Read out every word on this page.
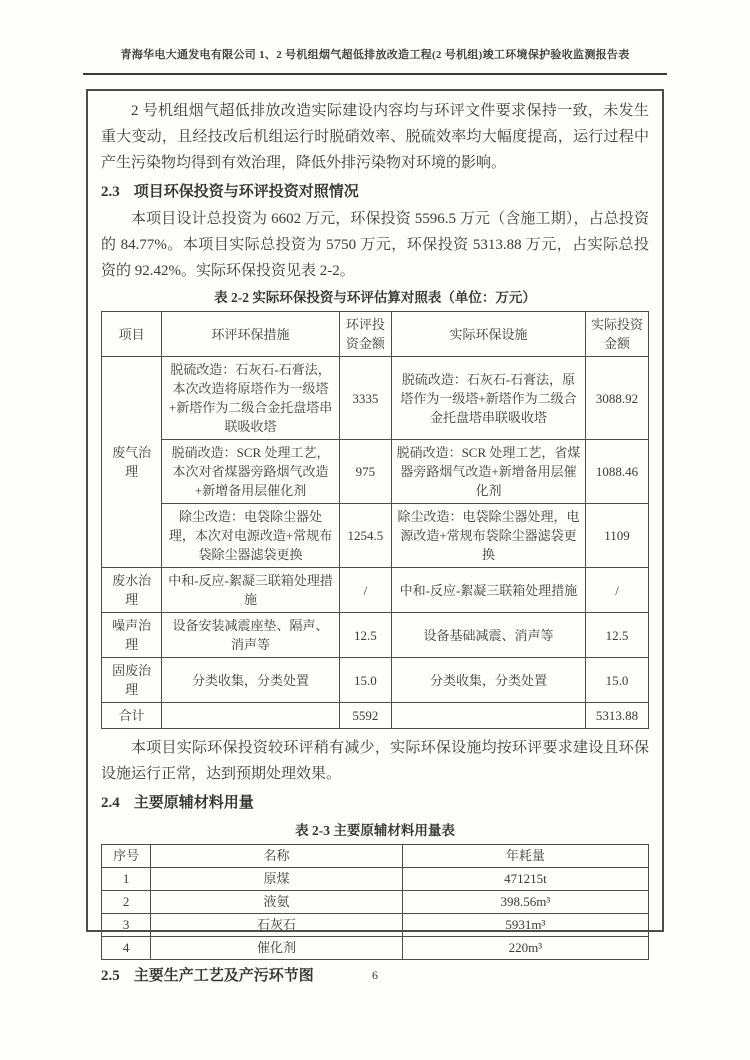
青海华电大通发电有限公司 1、2 号机组烟气超低排放改造工程(2 号机组)竣工环境保护验收监测报告表

2 号机组烟气超低排放改造实际建设内容均与环评文件要求保持一致，未发生重大变动，且经技改后机组运行时脱硝效率、脱硫效率均大幅度提高，运行过程中产生污染物均得到有效治理，降低外排污染物对环境的影响。

2.3 项目环保投资与环评投资对照情况

本项目设计总投资为 6602 万元，环保投资 5596.5 万元（含施工期），占总投资的 84.77%。本项目实际总投资为 5750 万元，环保投资 5313.88 万元，占实际总投资的 92.42%。实际环保投资见表 2-2。

表 2-2 实际环保投资与环评估算对照表（单位：万元）
项目	环评环保措施	环评投资金额	实际环保设施	实际投资金额
废气治理	脱硫改造：石灰石-石膏法，本次改造将原塔作为一级塔+新塔作为二级合金托盘塔串联吸收塔	3335	脱硫改造：石灰石-石膏法，原塔作为一级塔+新塔作为二级合金托盘塔串联吸收塔	3088.92
	脱硝改造：SCR 处理工艺，本次对省煤器旁路烟气改造+新增备用层催化剂	975	脱硝改造：SCR 处理工艺，省煤器旁路烟气改造+新增备用层催化剂	1088.46
	除尘改造：电袋除尘器处理，本次对电源改造+常规布袋除尘器滤袋更换	1254.5	除尘改造：电袋除尘器处理，电源改造+常规布袋除尘器滤袋更换	1109
废水治理	中和-反应-絮凝三联箱处理措施	/	中和-反应-絮凝三联箱处理措施	/
噪声治理	设备安装减震座垫、隔声、消声等	12.5	设备基础减震、消声等	12.5
固废治理	分类收集，分类处置	15.0	分类收集，分类处置	15.0
合计		5592		5313.88

本项目实际环保投资较环评稍有减少，实际环保设施均按环评要求建设且环保设施运行正常，达到预期处理效果。

2.4 主要原辅材料用量

表 2-3 主要原辅材料用量表
序号	名称	年耗量
1	原煤	471215t
2	液氨	398.56m³
3	石灰石	5931m³
4	催化剂	220m³

2.5 主要生产工艺及产污环节图	6
